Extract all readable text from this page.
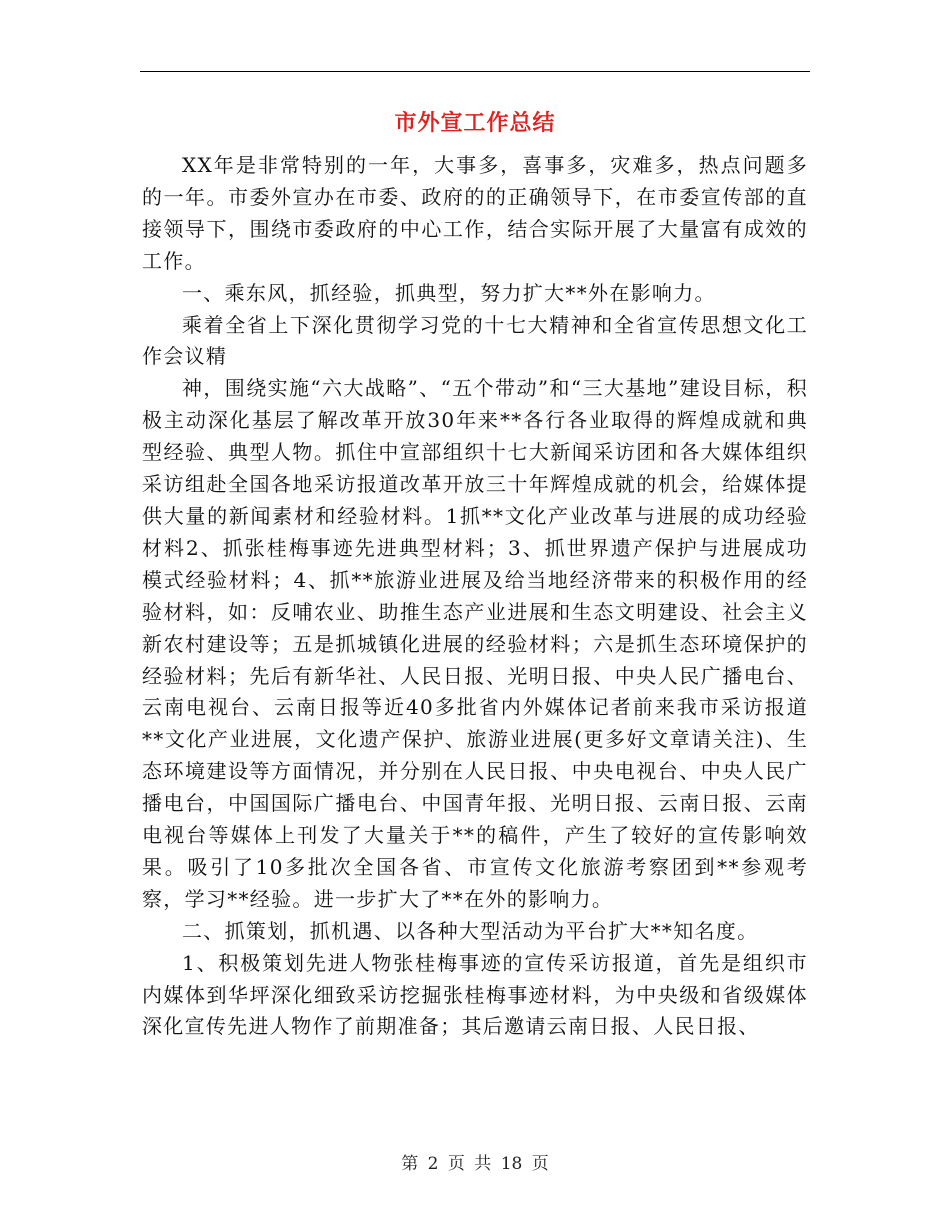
市外宣工作总结

XX年是非常特别的一年，大事多，喜事多，灾难多，热点问题多的一年。市委外宣办在市委、政府的的正确领导下，在市委宣传部的直接领导下，围绕市委政府的中心工作，结合实际开展了大量富有成效的工作。

一、乘东风，抓经验，抓典型，努力扩大**外在影响力。

乘着全省上下深化贯彻学习党的十七大精神和全省宣传思想文化工作会议精

神，围绕实施“六大战略”、“五个带动”和“三大基地”建设目标，积极主动深化基层了解改革开放30年来**各行各业取得的辉煌成就和典型经验、典型人物。抓住中宣部组织十七大新闻采访团和各大媒体组织采访组赴全国各地采访报道改革开放三十年辉煌成就的机会，给媒体提供大量的新闻素材和经验材料。1抓**文化产业改革与进展的成功经验材料2、抓张桂梅事迹先进典型材料；3、抓世界遗产保护与进展成功模式经验材料；4、抓**旅游业进展及给当地经济带来的积极作用的经验材料，如：反哺农业、助推生态产业进展和生态文明建设、社会主义新农村建设等；五是抓城镇化进展的经验材料；六是抓生态环境保护的经验材料；先后有新华社、人民日报、光明日报、中央人民广播电台、云南电视台、云南日报等近40多批省内外媒体记者前来我市采访报道**文化产业进展，文化遗产保护、旅游业进展(更多好文章请关注)、生态环境建设等方面情况，并分别在人民日报、中央电视台、中央人民广播电台，中国国际广播电台、中国青年报、光明日报、云南日报、云南电视台等媒体上刊发了大量关于**的稿件，产生了较好的宣传影响效果。吸引了10多批次全国各省、市宣传文化旅游考察团到**参观考察，学习**经验。进一步扩大了**在外的影响力。

二、抓策划，抓机遇、以各种大型活动为平台扩大**知名度。

1、积极策划先进人物张桂梅事迹的宣传采访报道，首先是组织市内媒体到华坪深化细致采访挖掘张桂梅事迹材料，为中央级和省级媒体深化宣传先进人物作了前期准备；其后邀请云南日报、人民日报、

第 2 页 共 18 页
